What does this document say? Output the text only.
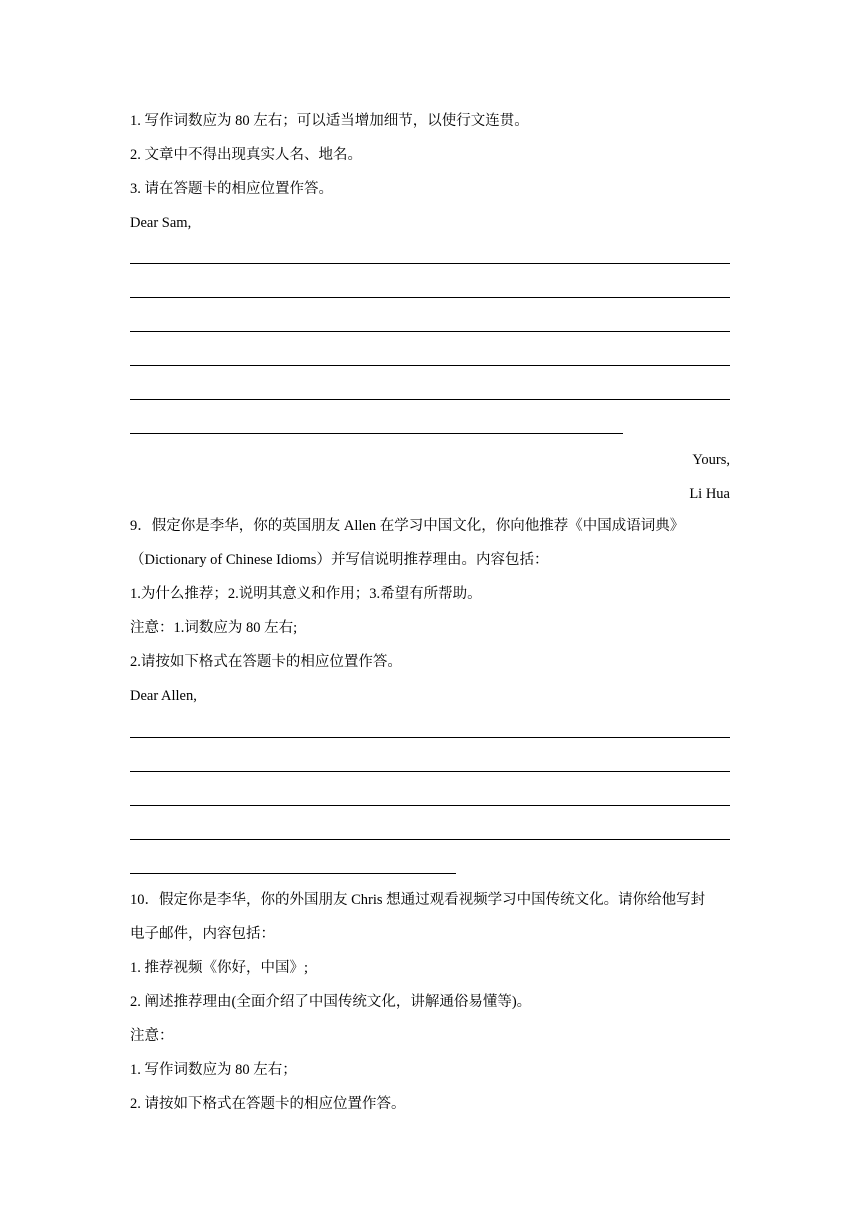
1. 写作词数应为 80 左右；可以适当增加细节，以使行文连贯。
2. 文章中不得出现真实人名、地名。
3. 请在答题卡的相应位置作答。
Dear Sam,
Yours,
Li Hua
9．假定你是李华，你的英国朋友 Allen 在学习中国文化，你向他推荐《中国成语词典》
（Dictionary of Chinese Idioms）并写信说明推荐理由。内容包括：
1.为什么推荐；2.说明其意义和作用；3.希望有所帮助。
注意：1.词数应为 80 左右;
2.请按如下格式在答题卡的相应位置作答。
Dear Allen,
10．假定你是李华，你的外国朋友 Chris 想通过观看视频学习中国传统文化。请你给他写封
电子邮件，内容包括：
1. 推荐视频《你好，中国》;
2. 阐述推荐理由(全面介绍了中国传统文化，讲解通俗易懂等)。
注意：
1. 写作词数应为 80 左右；
2. 请按如下格式在答题卡的相应位置作答。
